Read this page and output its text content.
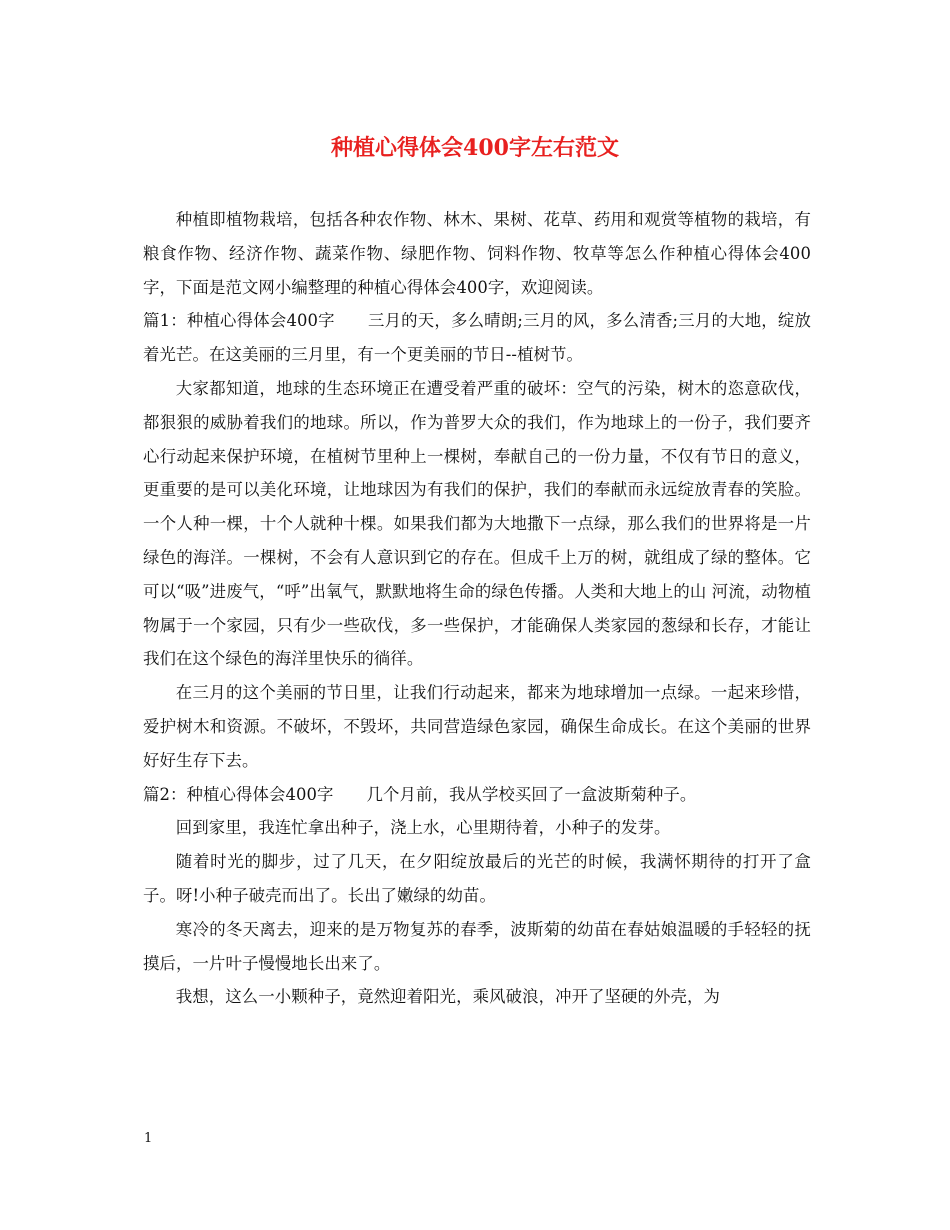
种植心得体会400字左右范文

种植即植物栽培，包括各种农作物、林木、果树、花草、药用和观赏等植物的栽培，有粮食作物、经济作物、蔬菜作物、绿肥作物、饲料作物、牧草等怎么作种植心得体会400字，下面是范文网小编整理的种植心得体会400字，欢迎阅读。

篇1：种植心得体会400字　　三月的天，多么晴朗;三月的风，多么清香;三月的大地，绽放着光芒。在这美丽的三月里，有一个更美丽的节日--植树节。

大家都知道，地球的生态环境正在遭受着严重的破坏：空气的污染，树木的恣意砍伐，都狠狠的威胁着我们的地球。所以，作为普罗大众的我们，作为地球上的一份子，我们要齐心行动起来保护环境，在植树节里种上一棵树，奉献自己的一份力量，不仅有节日的意义，更重要的是可以美化环境，让地球因为有我们的保护，我们的奉献而永远绽放青春的笑脸。一个人种一棵，十个人就种十棵。如果我们都为大地撒下一点绿，那么我们的世界将是一片绿色的海洋。一棵树，不会有人意识到它的存在。但成千上万的树，就组成了绿的整体。它可以“吸”进废气，“呼”出氧气，默默地将生命的绿色传播。人类和大地上的山 河流，动物植物属于一个家园，只有少一些砍伐，多一些保护，才能确保人类家园的葱绿和长存，才能让我们在这个绿色的海洋里快乐的徜徉。

在三月的这个美丽的节日里，让我们行动起来，都来为地球增加一点绿。一起来珍惜，爱护树木和资源。不破坏，不毁坏，共同营造绿色家园，确保生命成长。在这个美丽的世界好好生存下去。

篇2：种植心得体会400字　　几个月前，我从学校买回了一盒波斯菊种子。

回到家里，我连忙拿出种子，浇上水，心里期待着，小种子的发芽。

随着时光的脚步，过了几天，在夕阳绽放最后的光芒的时候，我满怀期待的打开了盒子。呀!小种子破壳而出了。长出了嫩绿的幼苗。

寒冷的冬天离去，迎来的是万物复苏的春季，波斯菊的幼苗在春姑娘温暖的手轻轻的抚摸后，一片叶子慢慢地长出来了。

我想，这么一小颗种子，竟然迎着阳光，乘风破浪，冲开了坚硬的外壳，为

1
